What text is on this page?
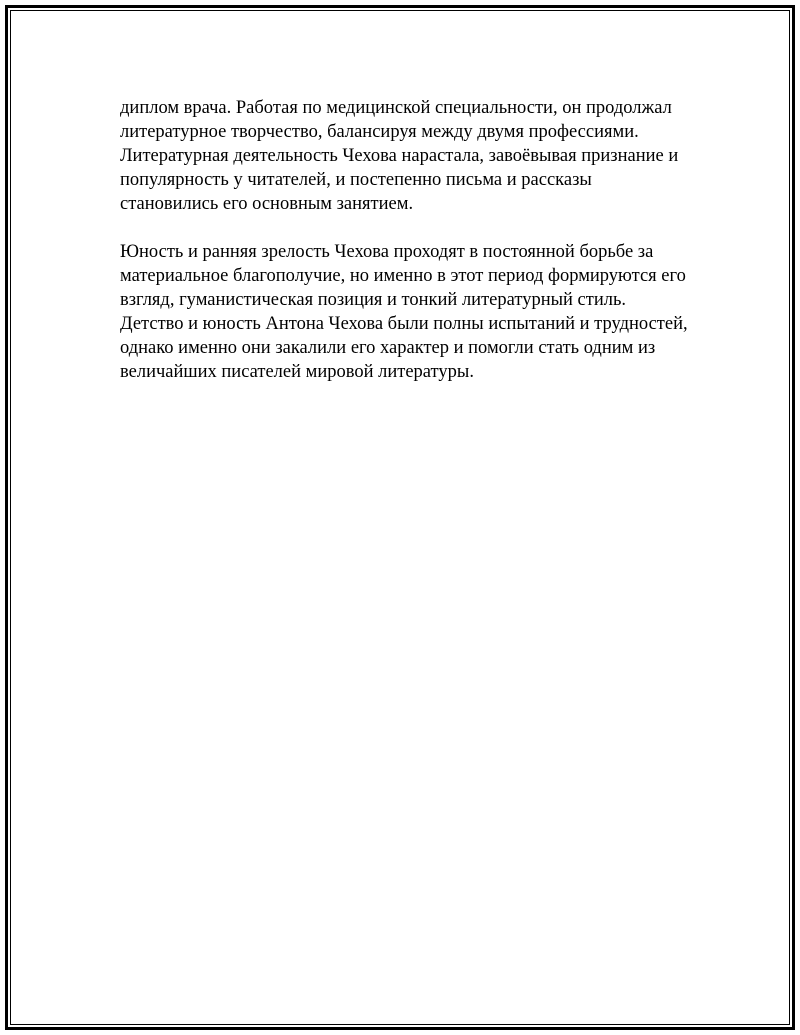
диплом врача. Работая по медицинской специальности, он продолжал
литературное творчество, балансируя между двумя профессиями.
Литературная деятельность Чехова нарастала, завоёвывая признание и
популярность у читателей, и постепенно письма и рассказы
становились его основным занятием.

Юность и ранняя зрелость Чехова проходят в постоянной борьбе за
материальное благополучие, но именно в этот период формируются его
взгляд, гуманистическая позиция и тонкий литературный стиль.
Детство и юность Антона Чехова были полны испытаний и трудностей,
однако именно они закалили его характер и помогли стать одним из
величайших писателей мировой литературы.
